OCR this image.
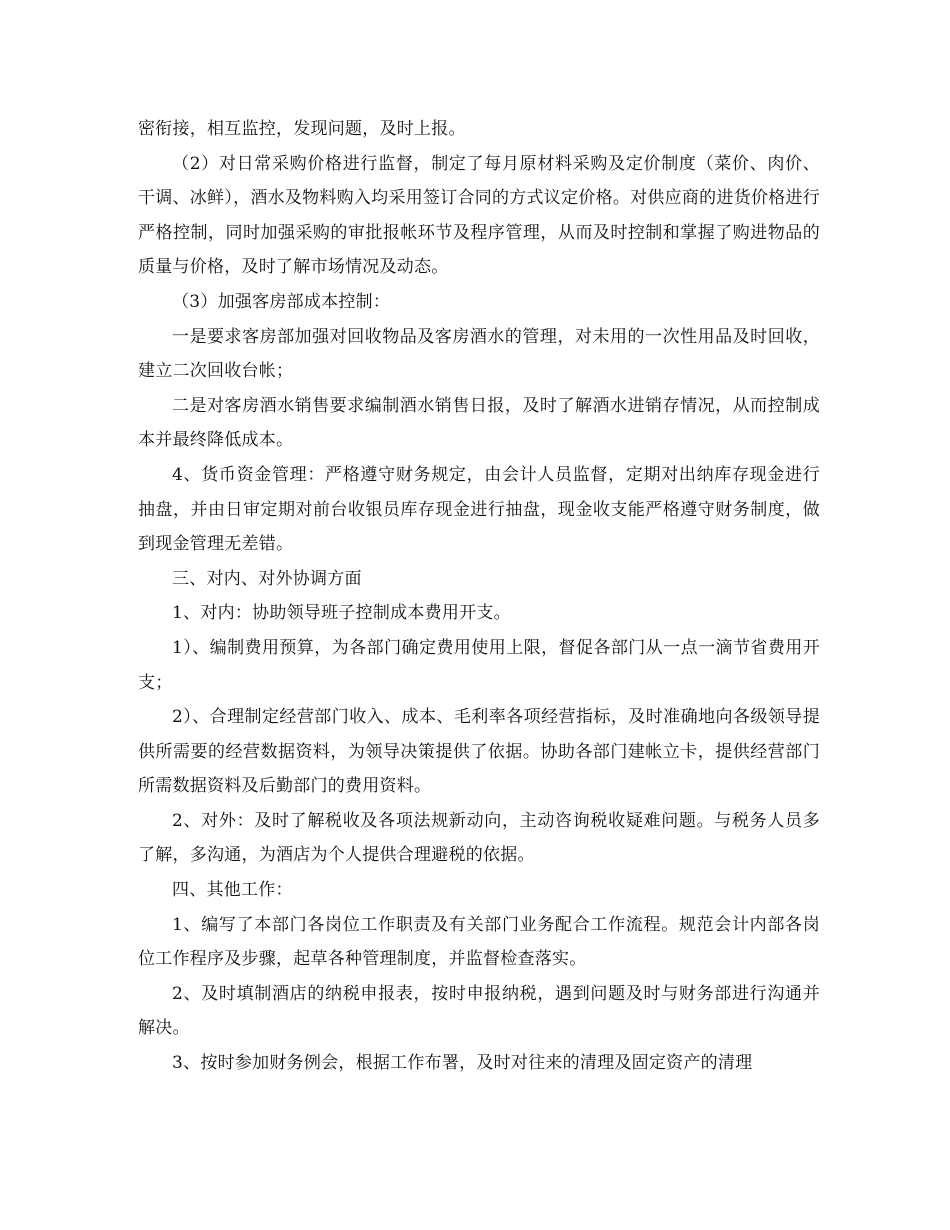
密衔接，相互监控，发现问题，及时上报。

（2）对日常采购价格进行监督，制定了每月原材料采购及定价制度（菜价、肉价、干调、冰鲜），酒水及物料购入均采用签订合同的方式议定价格。对供应商的进货价格进行严格控制，同时加强采购的审批报帐环节及程序管理，从而及时控制和掌握了购进物品的质量与价格，及时了解市场情况及动态。

（3）加强客房部成本控制：

一是要求客房部加强对回收物品及客房酒水的管理，对未用的一次性用品及时回收，建立二次回收台帐；

二是对客房酒水销售要求编制酒水销售日报，及时了解酒水进销存情况，从而控制成本并最终降低成本。

4、货币资金管理：严格遵守财务规定，由会计人员监督，定期对出纳库存现金进行抽盘，并由日审定期对前台收银员库存现金进行抽盘，现金收支能严格遵守财务制度，做到现金管理无差错。

三、对内、对外协调方面

1、对内：协助领导班子控制成本费用开支。

1）、编制费用预算，为各部门确定费用使用上限，督促各部门从一点一滴节省费用开支；

2）、合理制定经营部门收入、成本、毛利率各项经营指标，及时准确地向各级领导提供所需要的经营数据资料，为领导决策提供了依据。协助各部门建帐立卡，提供经营部门所需数据资料及后勤部门的费用资料。

2、对外：及时了解税收及各项法规新动向，主动咨询税收疑难问题。与税务人员多了解，多沟通，为酒店为个人提供合理避税的依据。

四、其他工作：

1、编写了本部门各岗位工作职责及有关部门业务配合工作流程。规范会计内部各岗位工作程序及步骤，起草各种管理制度，并监督检查落实。

2、及时填制酒店的纳税申报表，按时申报纳税，遇到问题及时与财务部进行沟通并解决。

3、按时参加财务例会，根据工作布署，及时对往来的清理及固定资产的清理
